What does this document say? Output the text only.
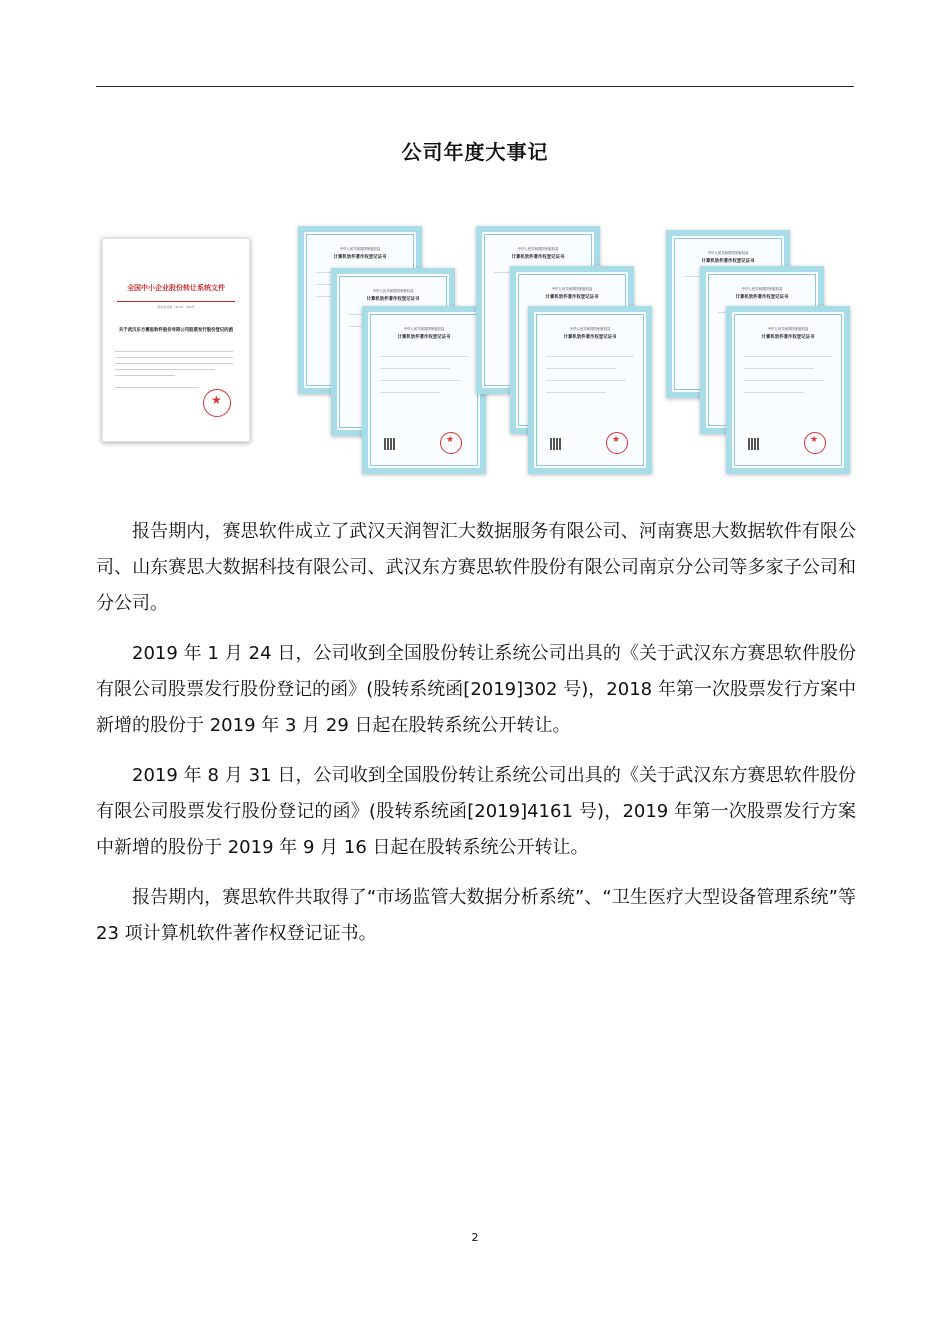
公司年度大事记
全国中小企业股份转让系统文件
股转系统函〔2019〕302号
关于武汉东方赛思软件股份有限公司股票发行股份登记的函
★
中华人民共和国国家版权局
计算机软件著作权登记证书
中华人民共和国国家版权局
计算机软件著作权登记证书
中华人民共和国国家版权局
计算机软件著作权登记证书
★
中华人民共和国国家版权局
计算机软件著作权登记证书
中华人民共和国国家版权局
计算机软件著作权登记证书
中华人民共和国国家版权局
计算机软件著作权登记证书
★
中华人民共和国国家版权局
计算机软件著作权登记证书
中华人民共和国国家版权局
计算机软件著作权登记证书
中华人民共和国国家版权局
计算机软件著作权登记证书
★

报告期内，赛思软件成立了武汉天润智汇大数据服务有限公司、河南赛思大数据软件有限公司、山东赛思大数据科技有限公司、武汉东方赛思软件股份有限公司南京分公司等多家子公司和分公司。

2019 年 1 月 24 日，公司收到全国股份转让系统公司出具的《关于武汉东方赛思软件股份有限公司股票发行股份登记的函》(股转系统函[2019]302 号)，2018 年第一次股票发行方案中新增的股份于 2019 年 3 月 29 日起在股转系统公开转让。

2019 年 8 月 31 日，公司收到全国股份转让系统公司出具的《关于武汉东方赛思软件股份有限公司股票发行股份登记的函》(股转系统函[2019]4161 号)，2019 年第一次股票发行方案中新增的股份于 2019 年 9 月 16 日起在股转系统公开转让。

报告期内，赛思软件共取得了“市场监管大数据分析系统”、“卫生医疗大型设备管理系统”等 23 项计算机软件著作权登记证书。

2
